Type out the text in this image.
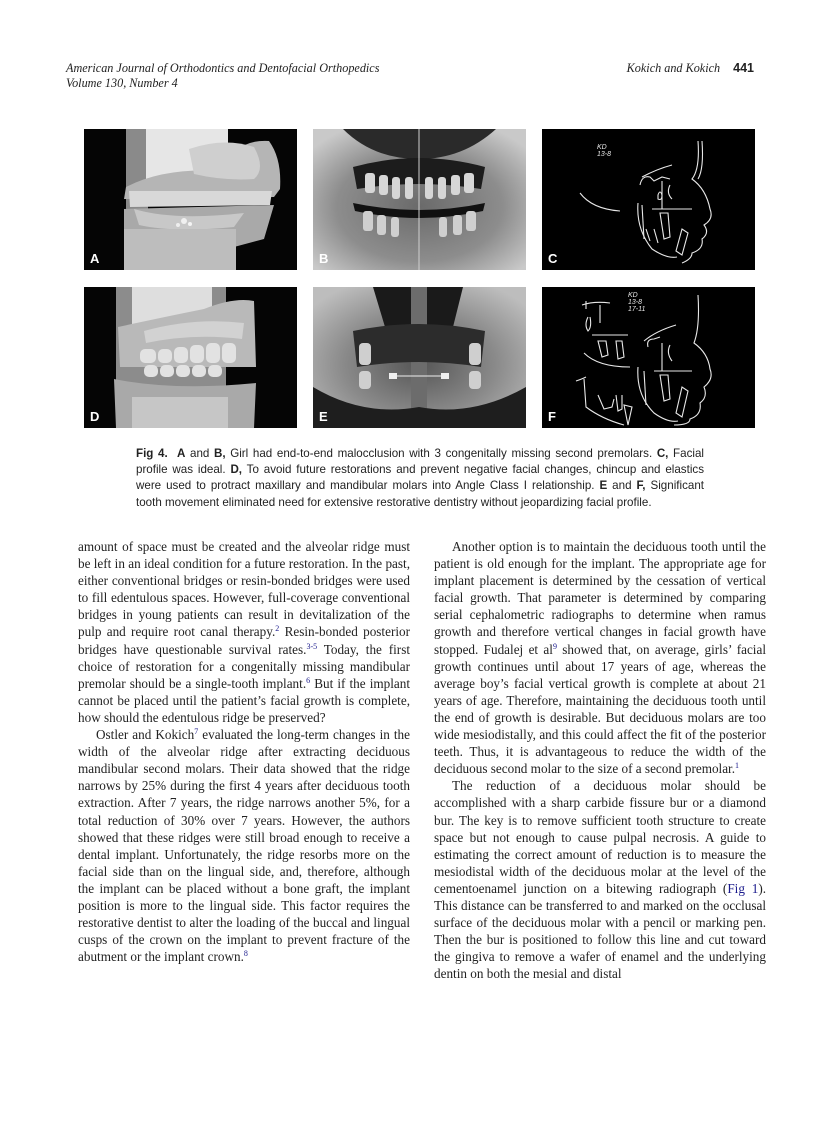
American Journal of Orthodontics and Dentofacial Orthopedics
Volume 130, Number 4
Kokich and Kokich 441
A	B
KD
13-8
C
D	E
KD
13-8
17-11
F
Fig 4. A and B, Girl had end-to-end malocclusion with 3 congenitally missing second premolars. C, Facial profile was ideal. D, To avoid future restorations and prevent negative facial changes, chincup and elastics were used to protract maxillary and mandibular molars into Angle Class I relationship. E and F, Significant tooth movement eliminated need for extensive restorative dentistry without jeopardizing facial profile.

amount of space must be created and the alveolar ridge must be left in an ideal condition for a future restoration. In the past, either conventional bridges or resin-bonded bridges were used to fill edentulous spaces. However, full-coverage conventional bridges in young patients can result in devitalization of the pulp and require root canal therapy.$^2$ Resin-bonded posterior bridges have questionable survival rates.$^{3-5}$ Today, the first choice of restoration for a congenitally missing mandibular premolar should be a single-tooth implant.$^6$ But if the implant cannot be placed until the patient’s facial growth is complete, how should the edentulous ridge be preserved?

Ostler and Kokich$^7$ evaluated the long-term changes in the width of the alveolar ridge after extracting deciduous mandibular second molars. Their data showed that the ridge narrows by 25% during the first 4 years after deciduous tooth extraction. After 7 years, the ridge narrows another 5%, for a total reduction of 30% over 7 years. However, the authors showed that these ridges were still broad enough to receive a dental implant. Unfortunately, the ridge resorbs more on the facial side than on the lingual side, and, therefore, although the implant can be placed without a bone graft, the implant position is more to the lingual side. This factor requires the restorative dentist to alter the loading of the buccal and lingual cusps of the crown on the implant to prevent fracture of the abutment or the implant crown.$^8$

Another option is to maintain the deciduous tooth until the patient is old enough for the implant. The appropriate age for implant placement is determined by the cessation of vertical facial growth. That parameter is determined by comparing serial cephalometric radiographs to determine when ramus growth and therefore vertical changes in facial growth have stopped. Fudalej et $al^9$ showed that, on average, girls’ facial growth continues until about 17 years of age, whereas the average boy’s facial vertical growth is complete at about 21 years of age. Therefore, maintaining the deciduous tooth until the end of growth is desirable. But deciduous molars are too wide mesiodistally, and this could affect the fit of the posterior teeth. Thus, it is advantageous to reduce the width of the deciduous second molar to the size of a second premolar.$^1$

The reduction of a deciduous molar should be accomplished with a sharp carbide fissure bur or a diamond bur. The key is to remove sufficient tooth structure to create space but not enough to cause pulpal necrosis. A guide to estimating the correct amount of reduction is to measure the mesiodistal width of the deciduous molar at the level of the cementoenamel junction on a bitewing radiograph (Fig 1). This distance can be transferred to and marked on the occlusal surface of the deciduous molar with a pencil or marking pen. Then the bur is positioned to follow this line and cut toward the gingiva to remove a wafer of enamel and the underlying dentin on both the mesial and distal
